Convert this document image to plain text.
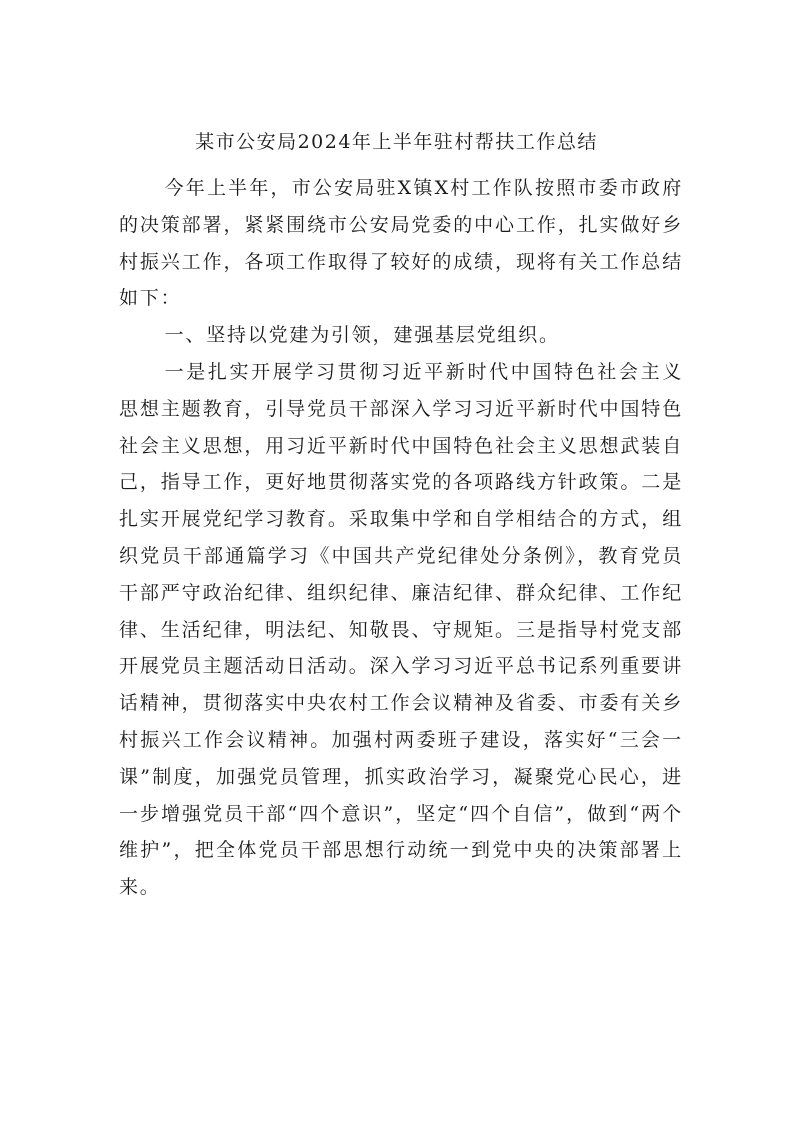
某市公安局2024年上半年驻村帮扶工作总结

今年上半年，市公安局驻X镇X村工作队按照市委市政府的决策部署，紧紧围绕市公安局党委的中心工作，扎实做好乡村振兴工作，各项工作取得了较好的成绩，现将有关工作总结如下：

一、坚持以党建为引领，建强基层党组织。

一是扎实开展学习贯彻习近平新时代中国特色社会主义思想主题教育，引导党员干部深入学习习近平新时代中国特色社会主义思想，用习近平新时代中国特色社会主义思想武装自己，指导工作，更好地贯彻落实党的各项路线方针政策。二是扎实开展党纪学习教育。采取集中学和自学相结合的方式，组织党员干部通篇学习《中国共产党纪律处分条例》，教育党员干部严守政治纪律、组织纪律、廉洁纪律、群众纪律、工作纪律、生活纪律，明法纪、知敬畏、守规矩。三是指导村党支部开展党员主题活动日活动。深入学习习近平总书记系列重要讲话精神，贯彻落实中央农村工作会议精神及省委、市委有关乡村振兴工作会议精神。加强村两委班子建设，落实好“三会一课”制度，加强党员管理，抓实政治学习，凝聚党心民心，进一步增强党员干部“四个意识”，坚定“四个自信”，做到“两个维护”，把全体党员干部思想行动统一到党中央的决策部署上来。
